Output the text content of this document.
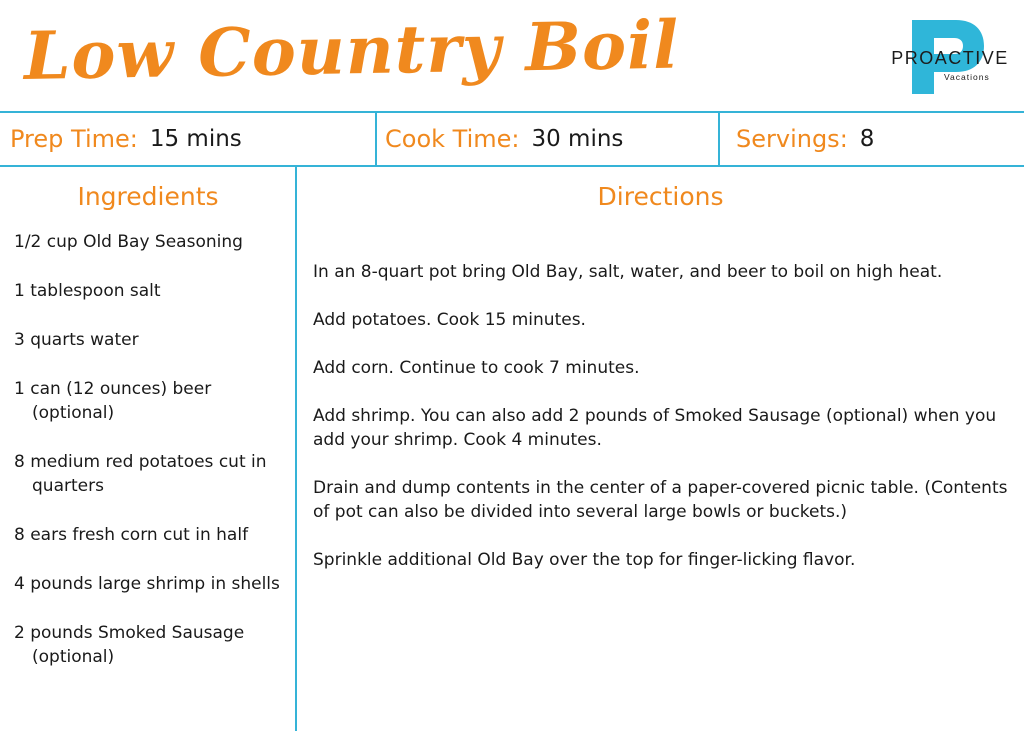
Low Country Boil	PROACTIVE
Vacations
Prep Time: 15 mins	Cook Time: 30 mins	Servings: 8
Ingredients	Directions
1/2 cup Old Bay Seasoning
1 tablespoon salt
3 quarts water
1 can (12 ounces) beer (optional)
8 medium red potatoes cut in quarters
8 ears fresh corn cut in half
4 pounds large shrimp in shells
2 pounds Smoked Sausage (optional)
In an 8-quart pot bring Old Bay, salt, water, and beer to boil on high heat.
Add potatoes. Cook 15 minutes.
Add corn. Continue to cook 7 minutes.
Add shrimp. You can also add 2 pounds of Smoked Sausage (optional) when you add your shrimp. Cook 4 minutes.
Drain and dump contents in the center of a paper-covered picnic table. (Contents of pot can also be divided into several large bowls or buckets.)
Sprinkle additional Old Bay over the top for finger-licking flavor.
